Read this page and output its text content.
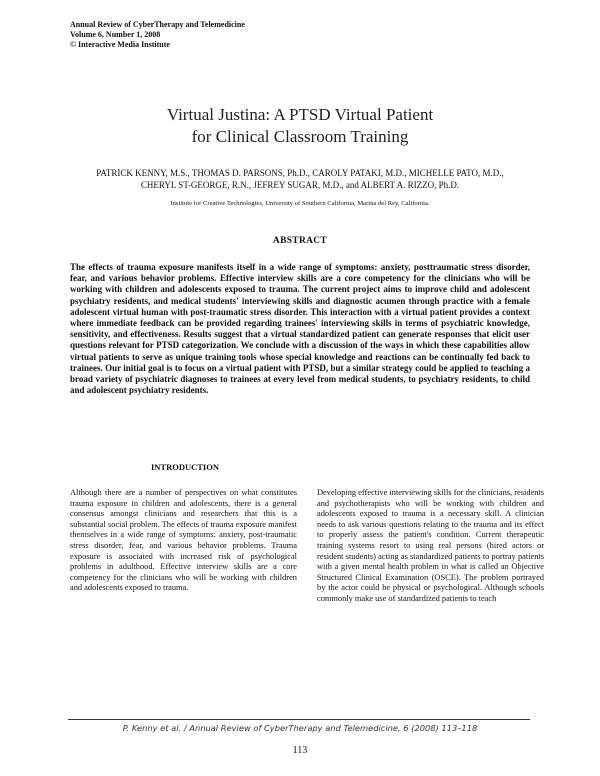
Annual Review of CyberTherapy and Telemedicine
Volume 6, Number 1, 2008
© Interactive Media Institute
Virtual Justina: A PTSD Virtual Patient
for Clinical Classroom Training
PATRICK KENNY, M.S., THOMAS D. PARSONS, Ph.D., CAROLY PATAKI, M.D., MICHELLE PATO, M.D.,
CHERYL ST-GEORGE, R.N., JEFREY SUGAR, M.D., and ALBERT A. RIZZO, Ph.D.
Institute for Creative Technologies, University of Southern California, Marina del Rey, California.
ABSTRACT
The effects of trauma exposure manifests itself in a wide range of symptoms: anxiety, posttraumatic stress disorder, fear, and various behavior problems. Effective interview skills are a core competency for the clinicians who will be working with children and adolescents exposed to trauma. The current project aims to improve child and adolescent psychiatry residents, and medical students' interviewing skills and diagnostic acumen through practice with a female adolescent virtual human with post-traumatic stress disorder. This interaction with a virtual patient provides a context where immediate feedback can be provided regarding trainees' interviewing skills in terms of psychiatric knowledge, sensitivity, and effectiveness. Results suggest that a virtual standardized patient can generate responses that elicit user questions relevant for PTSD categorization. We conclude with a discussion of the ways in which these capabilities allow virtual patients to serve as unique training tools whose special knowledge and reactions can be continually fed back to trainees. Our initial goal is to focus on a virtual patient with PTSD, but a similar strategy could be applied to teaching a broad variety of psychiatric diagnoses to trainees at every level from medical students, to psychiatry residents, to child and adolescent psychiatry residents.
INTRODUCTION
Although there are a number of perspectives on what constitutes trauma exposure in children and adolescents, there is a general consensus amongst clinicians and researchers that this is a substantial social problem. The effects of trauma exposure manifest themselves in a wide range of symptoms: anxiety, post-traumatic stress disorder, fear, and various behavior problems. Trauma exposure is associated with increased risk of psychological problems in adulthood. Effective interview skills are a core competency for the clinicians who will be working with children and adolescents exposed to trauma.
Developing effective interviewing skills for the clinicians, residents and psychotherapists who will be working with children and adolescents exposed to trauma is a necessary skill. A clinician needs to ask various questions relating to the trauma and its effect to properly assess the patient's condition. Current therapeutic training systems resort to using real persons (hired actors or resident students) acting as standardized patients to portray patients with a given mental health problem in what is called an Objective Structured Clinical Examination (OSCE). The problem portrayed by the actor could be physical or psychological. Although schools commonly make use of standardized patients to teach
P. Kenny et al. / Annual Review of CyberTherapy and Telemedicine, 6 (2008) 113–118
113
